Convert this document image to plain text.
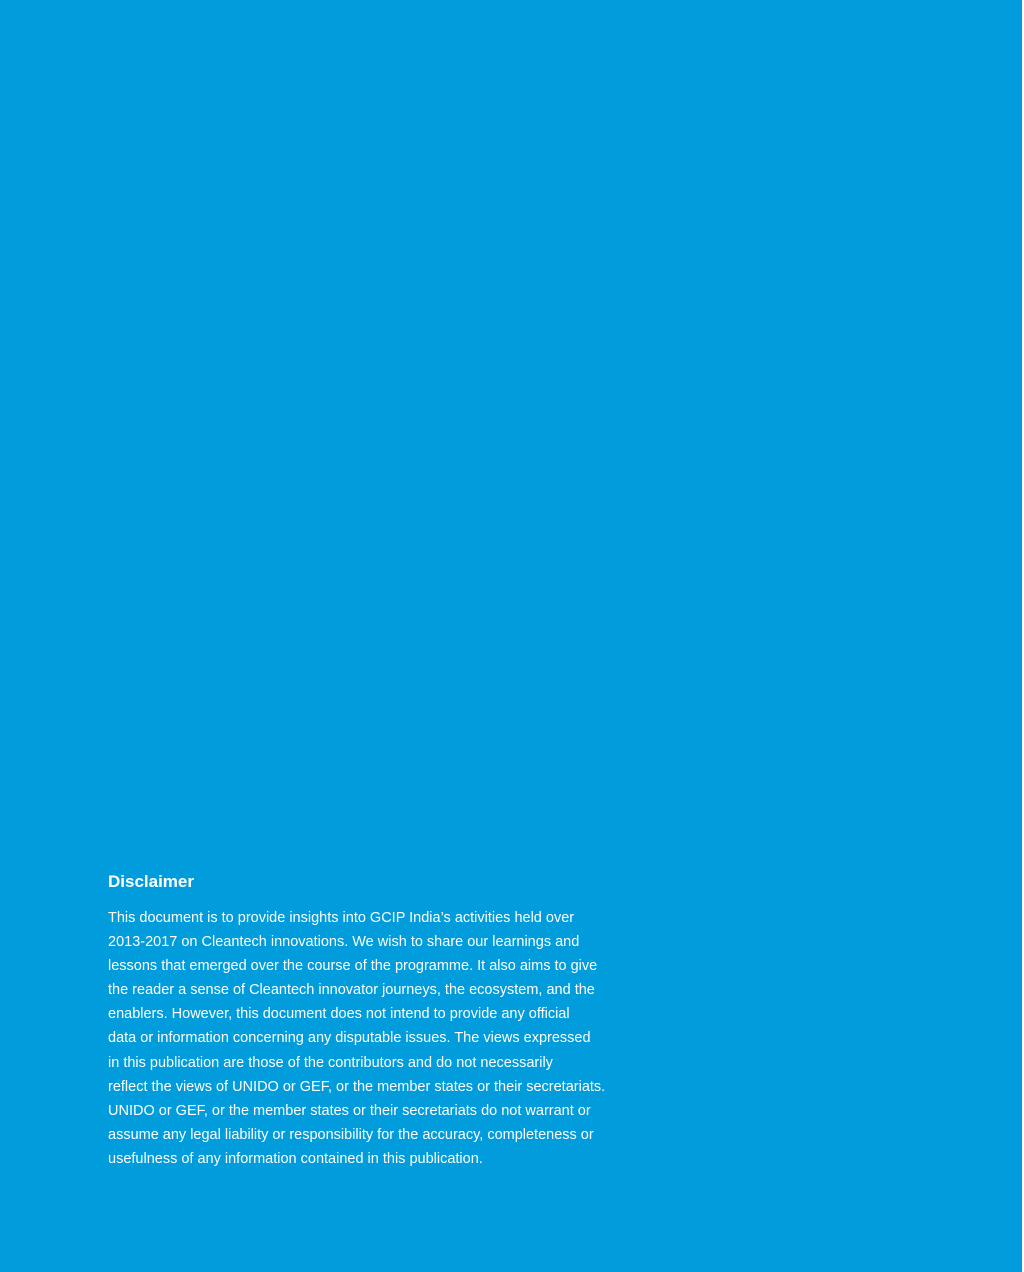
Disclaimer

This document is to provide insights into GCIP India’s activities held over
2013-2017 on Cleantech innovations. We wish to share our learnings and
lessons that emerged over the course of the programme. It also aims to give
the reader a sense of Cleantech innovator journeys, the ecosystem, and the
enablers. However, this document does not intend to provide any official
data or information concerning any disputable issues. The views expressed
in this publication are those of the contributors and do not necessarily
reflect the views of UNIDO or GEF, or the member states or their secretariats.
UNIDO or GEF, or the member states or their secretariats do not warrant or
assume any legal liability or responsibility for the accuracy, completeness or
usefulness of any information contained in this publication.
